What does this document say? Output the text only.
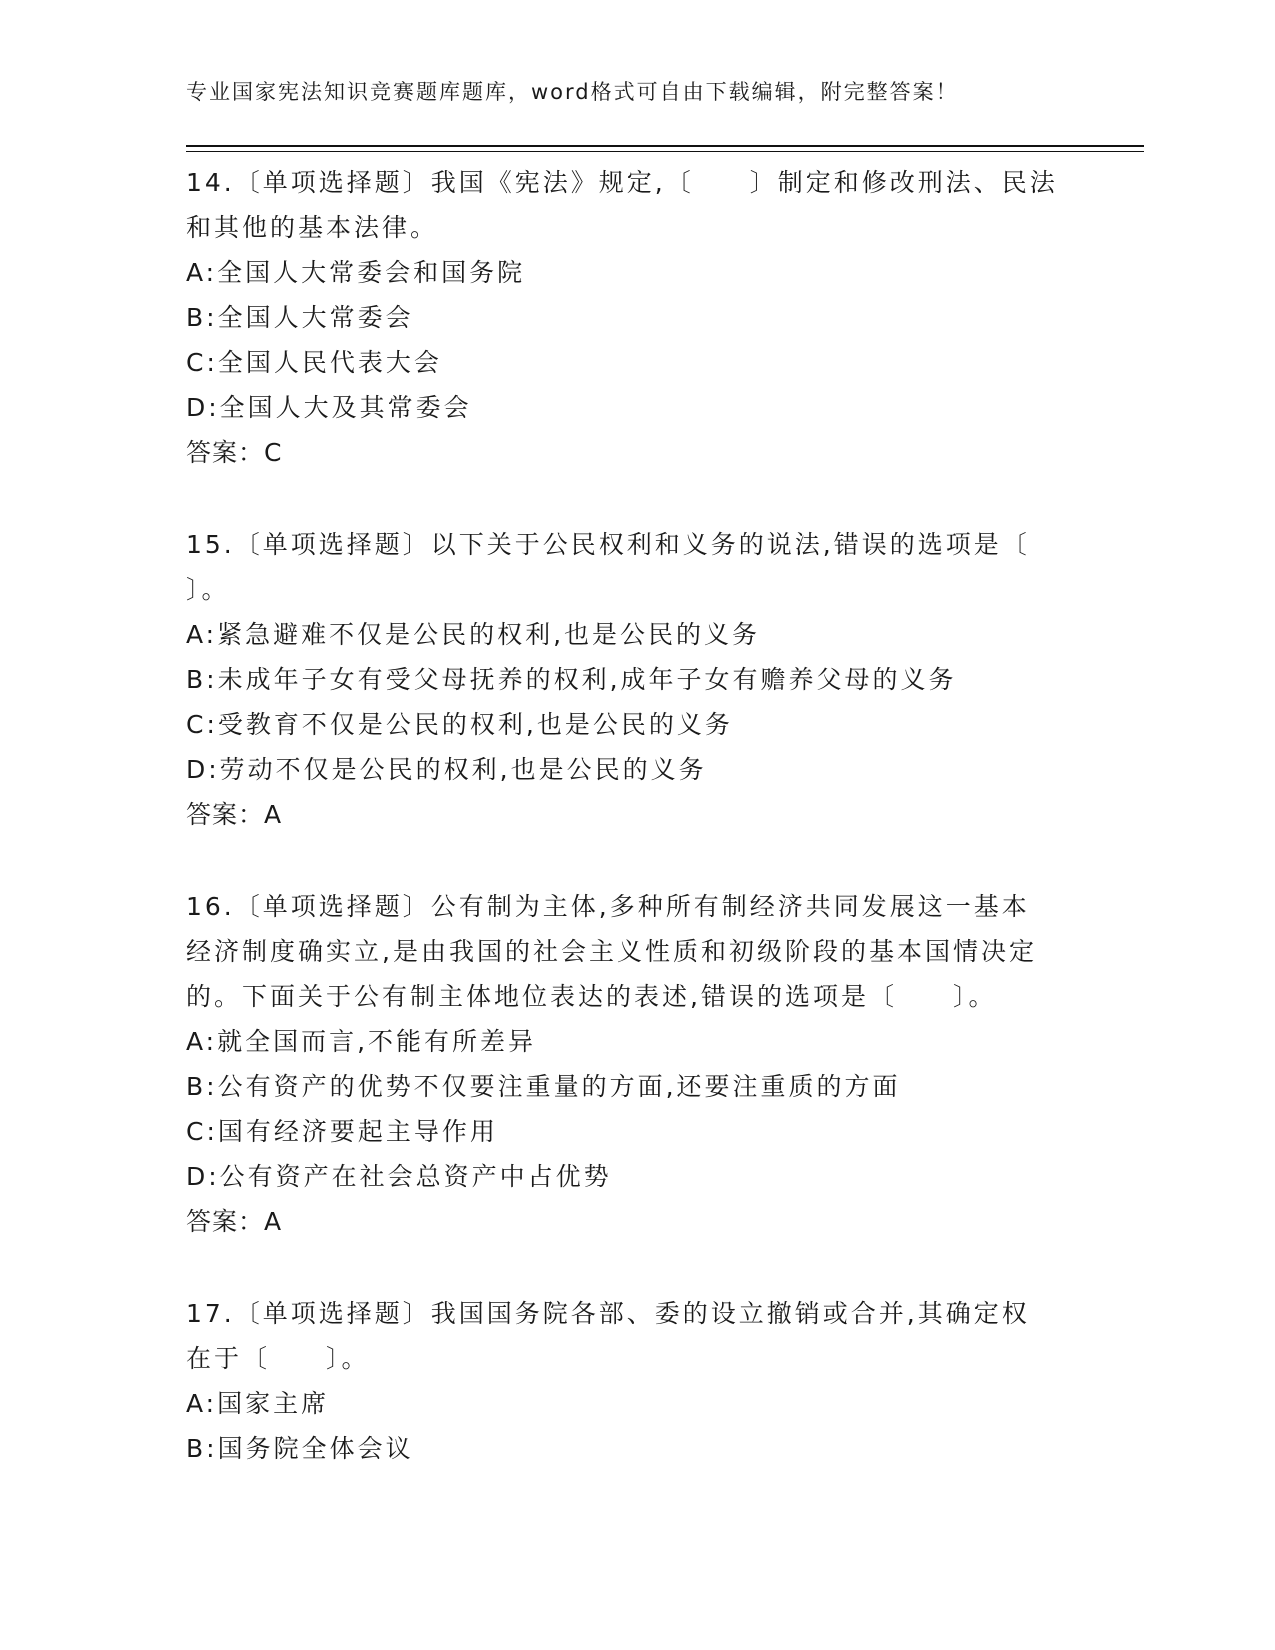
专业国家宪法知识竞赛题库题库，word格式可自由下载编辑，附完整答案！
14.〔单项选择题〕我国《宪法》规定,〔　　〕制定和修改刑法、民法
和其他的基本法律。
A:全国人大常委会和国务院
B:全国人大常委会
C:全国人民代表大会
D:全国人大及其常委会
答案：C
15.〔单项选择题〕以下关于公民权利和义务的说法,错误的选项是〔
〕。
A:紧急避难不仅是公民的权利,也是公民的义务
B:未成年子女有受父母抚养的权利,成年子女有赡养父母的义务
C:受教育不仅是公民的权利,也是公民的义务
D:劳动不仅是公民的权利,也是公民的义务
答案：A
16.〔单项选择题〕公有制为主体,多种所有制经济共同发展这一基本
经济制度确实立,是由我国的社会主义性质和初级阶段的基本国情决定
的。下面关于公有制主体地位表达的表述,错误的选项是〔　　〕。
A:就全国而言,不能有所差异
B:公有资产的优势不仅要注重量的方面,还要注重质的方面
C:国有经济要起主导作用
D:公有资产在社会总资产中占优势
答案：A
17.〔单项选择题〕我国国务院各部、委的设立撤销或合并,其确定权
在于〔　　〕。
A:国家主席
B:国务院全体会议
